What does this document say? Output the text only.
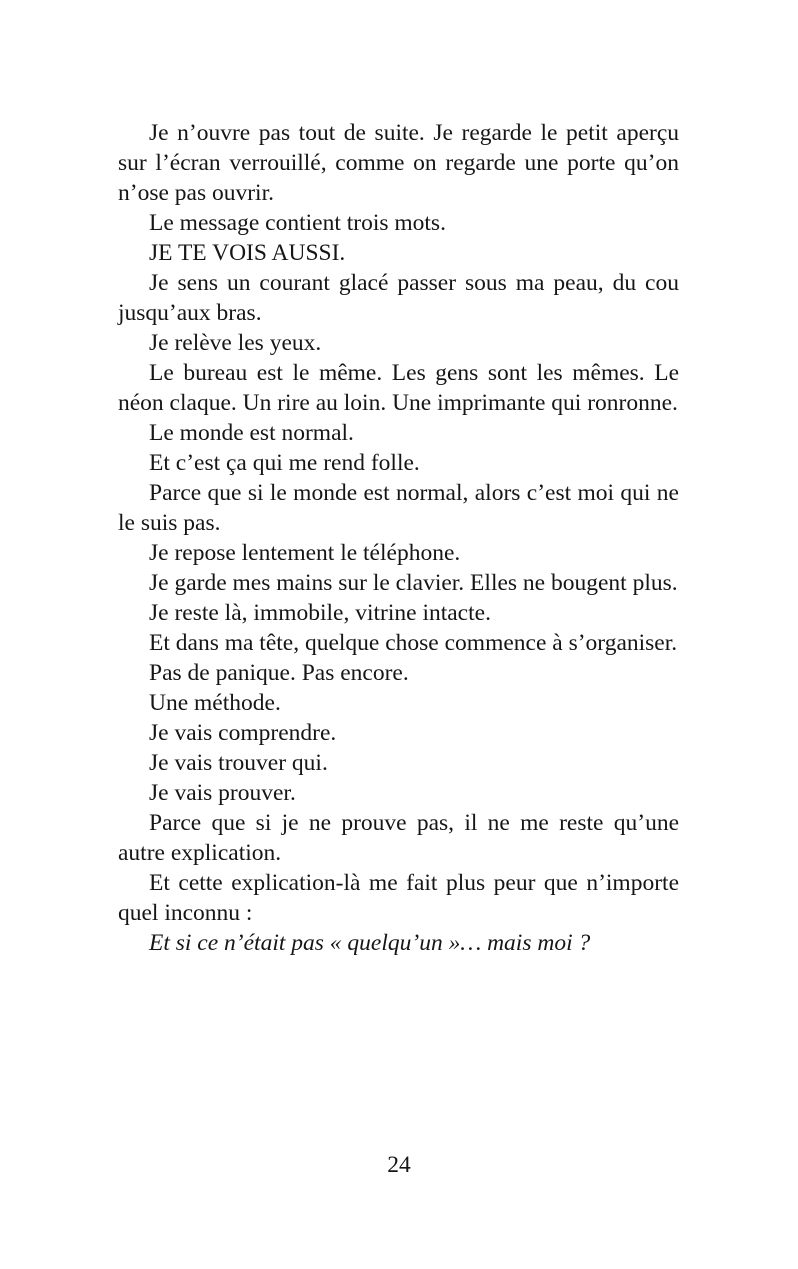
Je n’ouvre pas tout de suite. Je regarde le petit aperçu sur l’écran verrouillé, comme on regarde une porte qu’on n’ose pas ouvrir.

Le message contient trois mots.

JE TE VOIS AUSSI.

Je sens un courant glacé passer sous ma peau, du cou jusqu’aux bras.

Je relève les yeux.

Le bureau est le même. Les gens sont les mêmes. Le néon claque. Un rire au loin. Une imprimante qui ronronne.

Le monde est normal.

Et c’est ça qui me rend folle.

Parce que si le monde est normal, alors c’est moi qui ne le suis pas.

Je repose lentement le téléphone.

Je garde mes mains sur le clavier. Elles ne bougent plus.

Je reste là, immobile, vitrine intacte.

Et dans ma tête, quelque chose commence à s’organiser.

Pas de panique. Pas encore.

Une méthode.

Je vais comprendre.

Je vais trouver qui.

Je vais prouver.

Parce que si je ne prouve pas, il ne me reste qu’une autre explication.

Et cette explication-là me fait plus peur que n’importe quel inconnu :

Et si ce n’était pas « quelqu’un »… mais moi ?

24
